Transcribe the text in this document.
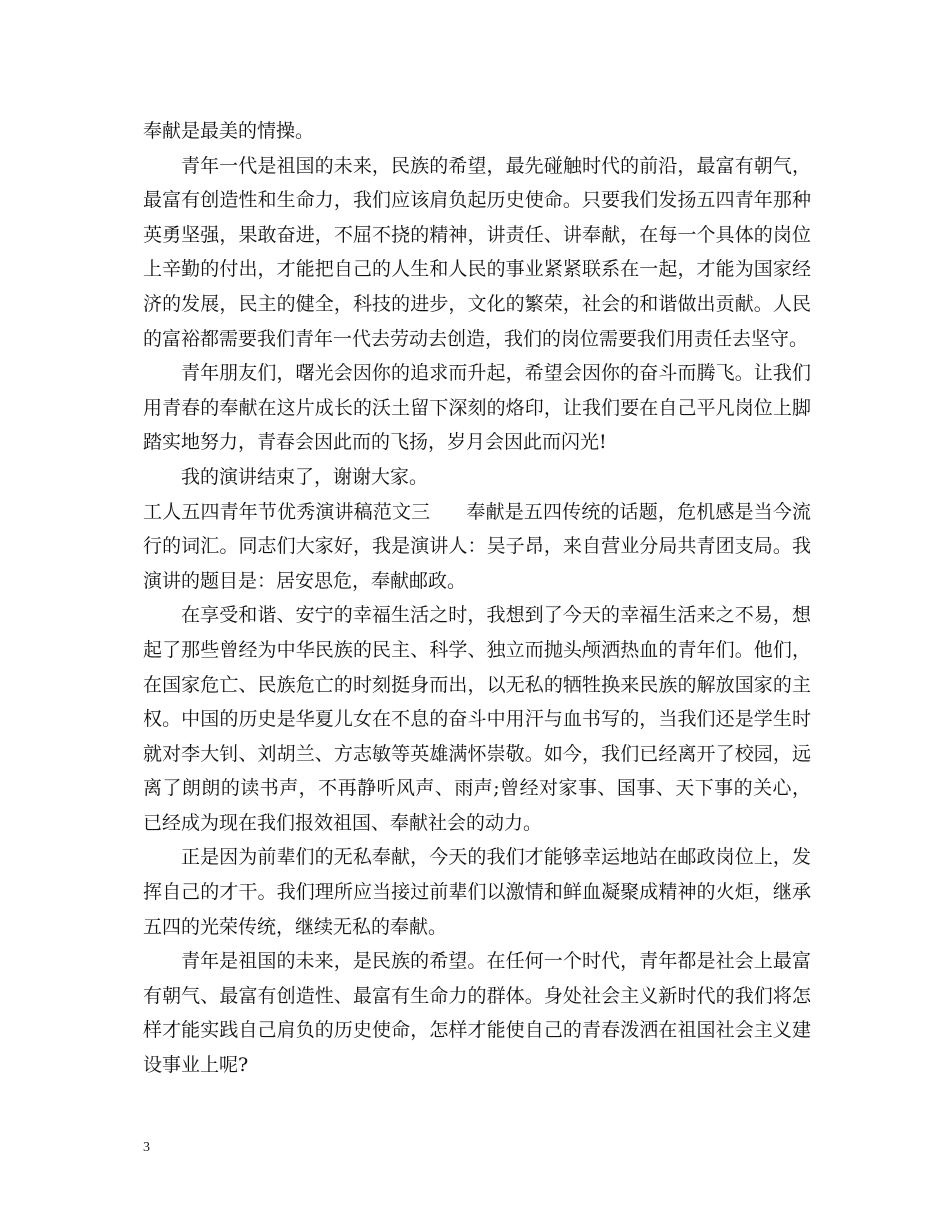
奉献是最美的情操。

青年一代是祖国的未来，民族的希望，最先碰触时代的前沿，最富有朝气，最富有创造性和生命力，我们应该肩负起历史使命。只要我们发扬五四青年那种英勇坚强，果敢奋进，不屈不挠的精神，讲责任、讲奉献，在每一个具体的岗位上辛勤的付出，才能把自己的人生和人民的事业紧紧联系在一起，才能为国家经济的发展，民主的健全，科技的进步，文化的繁荣，社会的和谐做出贡献。人民的富裕都需要我们青年一代去劳动去创造，我们的岗位需要我们用责任去坚守。

青年朋友们，曙光会因你的追求而升起，希望会因你的奋斗而腾飞。让我们用青春的奉献在这片成长的沃土留下深刻的烙印，让我们要在自己平凡岗位上脚踏实地努力，青春会因此而的飞扬，岁月会因此而闪光!

我的演讲结束了，谢谢大家。

工人五四青年节优秀演讲稿范文三 奉献是五四传统的话题，危机感是当今流行的词汇。同志们大家好，我是演讲人：吴子昂，来自营业分局共青团支局。我演讲的题目是：居安思危，奉献邮政。

在享受和谐、安宁的幸福生活之时，我想到了今天的幸福生活来之不易，想起了那些曾经为中华民族的民主、科学、独立而抛头颅洒热血的青年们。他们，在国家危亡、民族危亡的时刻挺身而出，以无私的牺牲换来民族的解放国家的主权。中国的历史是华夏儿女在不息的奋斗中用汗与血书写的，当我们还是学生时就对李大钊、刘胡兰、方志敏等英雄满怀崇敬。如今，我们已经离开了校园，远离了朗朗的读书声，不再静听风声、雨声;曾经对家事、国事、天下事的关心，已经成为现在我们报效祖国、奉献社会的动力。

正是因为前辈们的无私奉献，今天的我们才能够幸运地站在邮政岗位上，发挥自己的才干。我们理所应当接过前辈们以激情和鲜血凝聚成精神的火炬，继承五四的光荣传统，继续无私的奉献。

青年是祖国的未来，是民族的希望。在任何一个时代，青年都是社会上最富有朝气、最富有创造性、最富有生命力的群体。身处社会主义新时代的我们将怎样才能实践自己肩负的历史使命，怎样才能使自己的青春泼洒在祖国社会主义建设事业上呢?

3
